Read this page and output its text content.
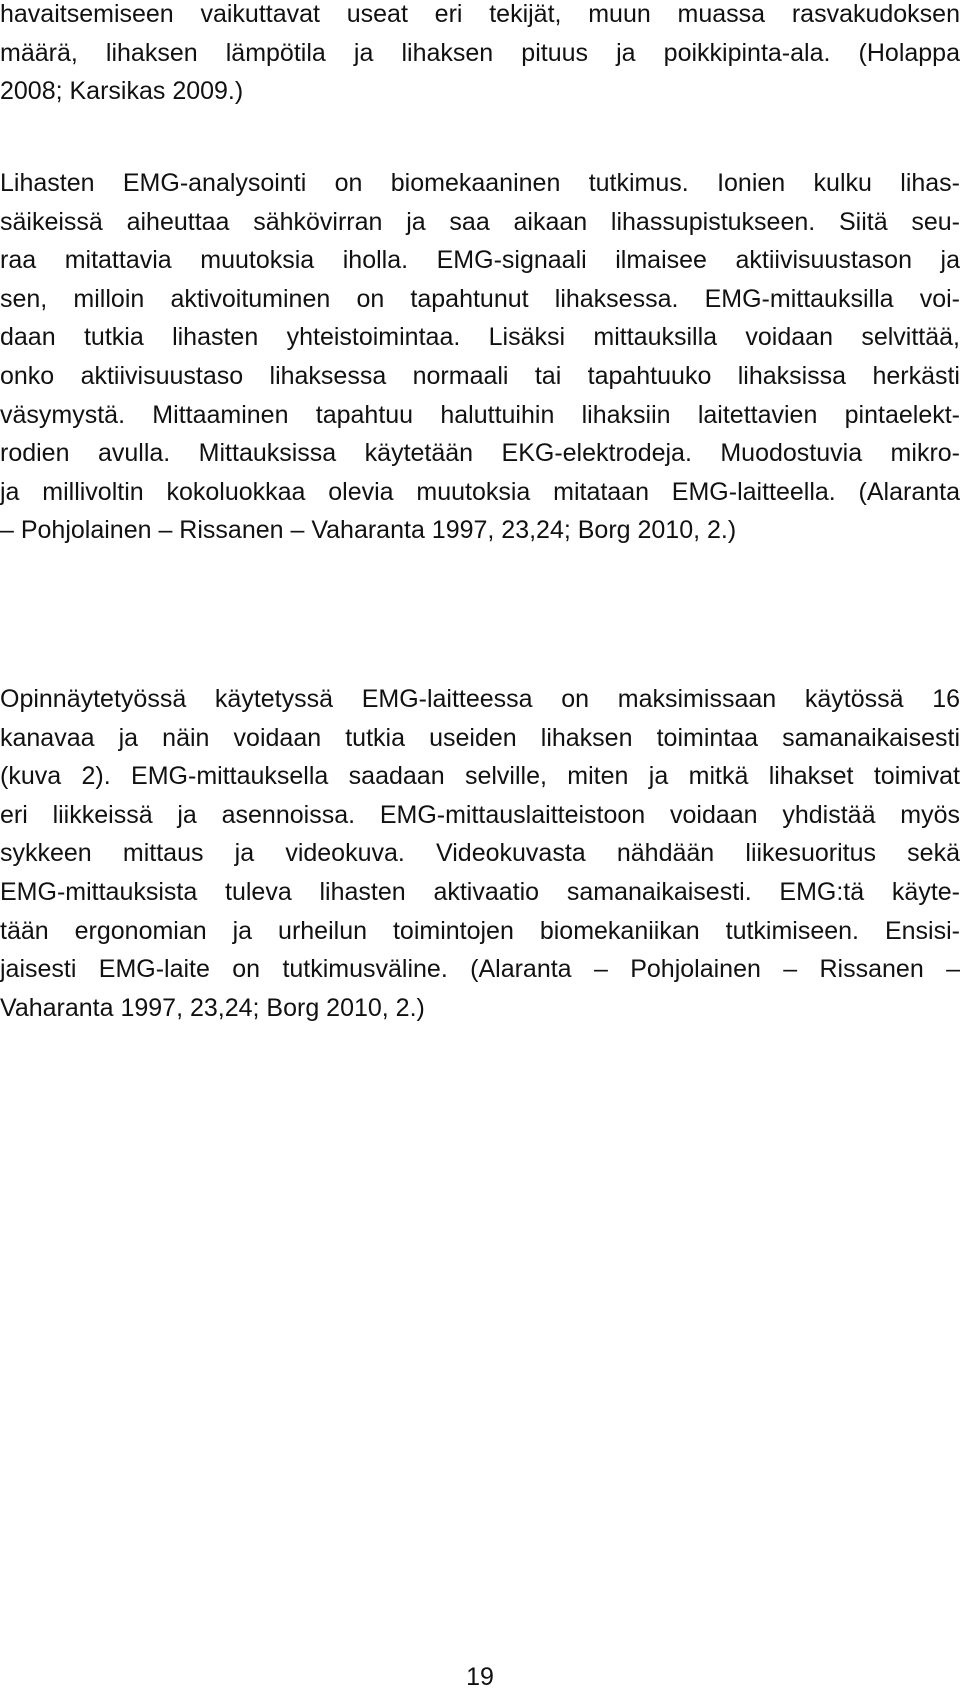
havaitsemiseen vaikuttavat useat eri tekijät, muun muassa rasvakudoksen
määrä, lihaksen lämpötila ja lihaksen pituus ja poikkipinta-ala. (Holappa
2008; Karsikas 2009.)
Lihasten EMG-analysointi on biomekaaninen tutkimus. Ionien kulku lihas-
säikeissä aiheuttaa sähkövirran ja saa aikaan lihassupistukseen. Siitä seu-
raa mitattavia muutoksia iholla. EMG-signaali ilmaisee aktiivisuustason ja
sen, milloin aktivoituminen on tapahtunut lihaksessa. EMG-mittauksilla voi-
daan tutkia lihasten yhteistoimintaa. Lisäksi mittauksilla voidaan selvittää,
onko aktiivisuustaso lihaksessa normaali tai tapahtuuko lihaksissa herkästi
väsymystä. Mittaaminen tapahtuu haluttuihin lihaksiin laitettavien pintaelekt-
rodien avulla. Mittauksissa käytetään EKG-elektrodeja. Muodostuvia mikro-
ja millivoltin kokoluokkaa olevia muutoksia mitataan EMG-laitteella. (Alaranta
– Pohjolainen – Rissanen – Vaharanta 1997, 23,24; Borg 2010, 2.)
Opinnäytetyössä käytetyssä EMG-laitteessa on maksimissaan käytössä 16
kanavaa ja näin voidaan tutkia useiden lihaksen toimintaa samanaikaisesti
(kuva 2). EMG-mittauksella saadaan selville, miten ja mitkä lihakset toimivat
eri liikkeissä ja asennoissa. EMG-mittauslaitteistoon voidaan yhdistää myös
sykkeen mittaus ja videokuva. Videokuvasta nähdään liikesuoritus sekä
EMG-mittauksista tuleva lihasten aktivaatio samanaikaisesti. EMG:tä käyte-
tään ergonomian ja urheilun toimintojen biomekaniikan tutkimiseen. Ensisi-
jaisesti EMG-laite on tutkimusväline. (Alaranta – Pohjolainen – Rissanen –
Vaharanta 1997, 23,24; Borg 2010, 2.)
19
